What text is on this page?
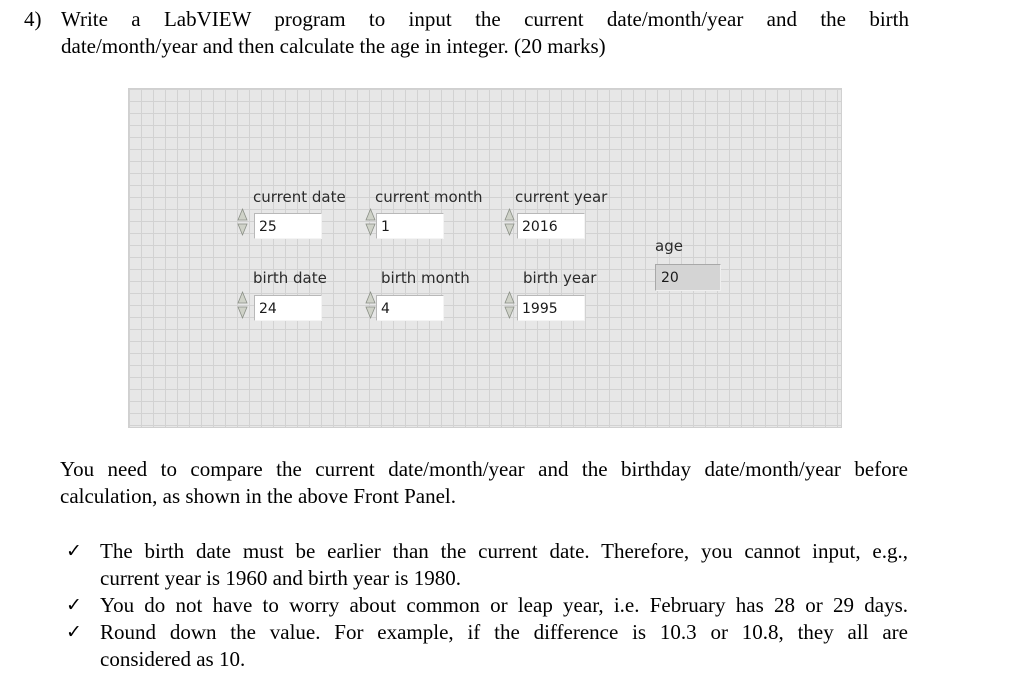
4) Write a LabVIEW program to input the current date/month/year and the birth
date/month/year and then calculate the age in integer. (20 marks)
current date
25
current month
1
current year
2016
birth date
24
birth month
4
birth year
1995
age
20
You need to compare the current date/month/year and the birthday date/month/year before
calculation, as shown in the above Front Panel.
✓ The birth date must be earlier than the current date. Therefore, you cannot input, e.g.,
current year is 1960 and birth year is 1980.
✓ You do not have to worry about common or leap year, i.e. February has 28 or 29 days.
✓ Round down the value. For example, if the difference is 10.3 or 10.8, they all are
considered as 10.
